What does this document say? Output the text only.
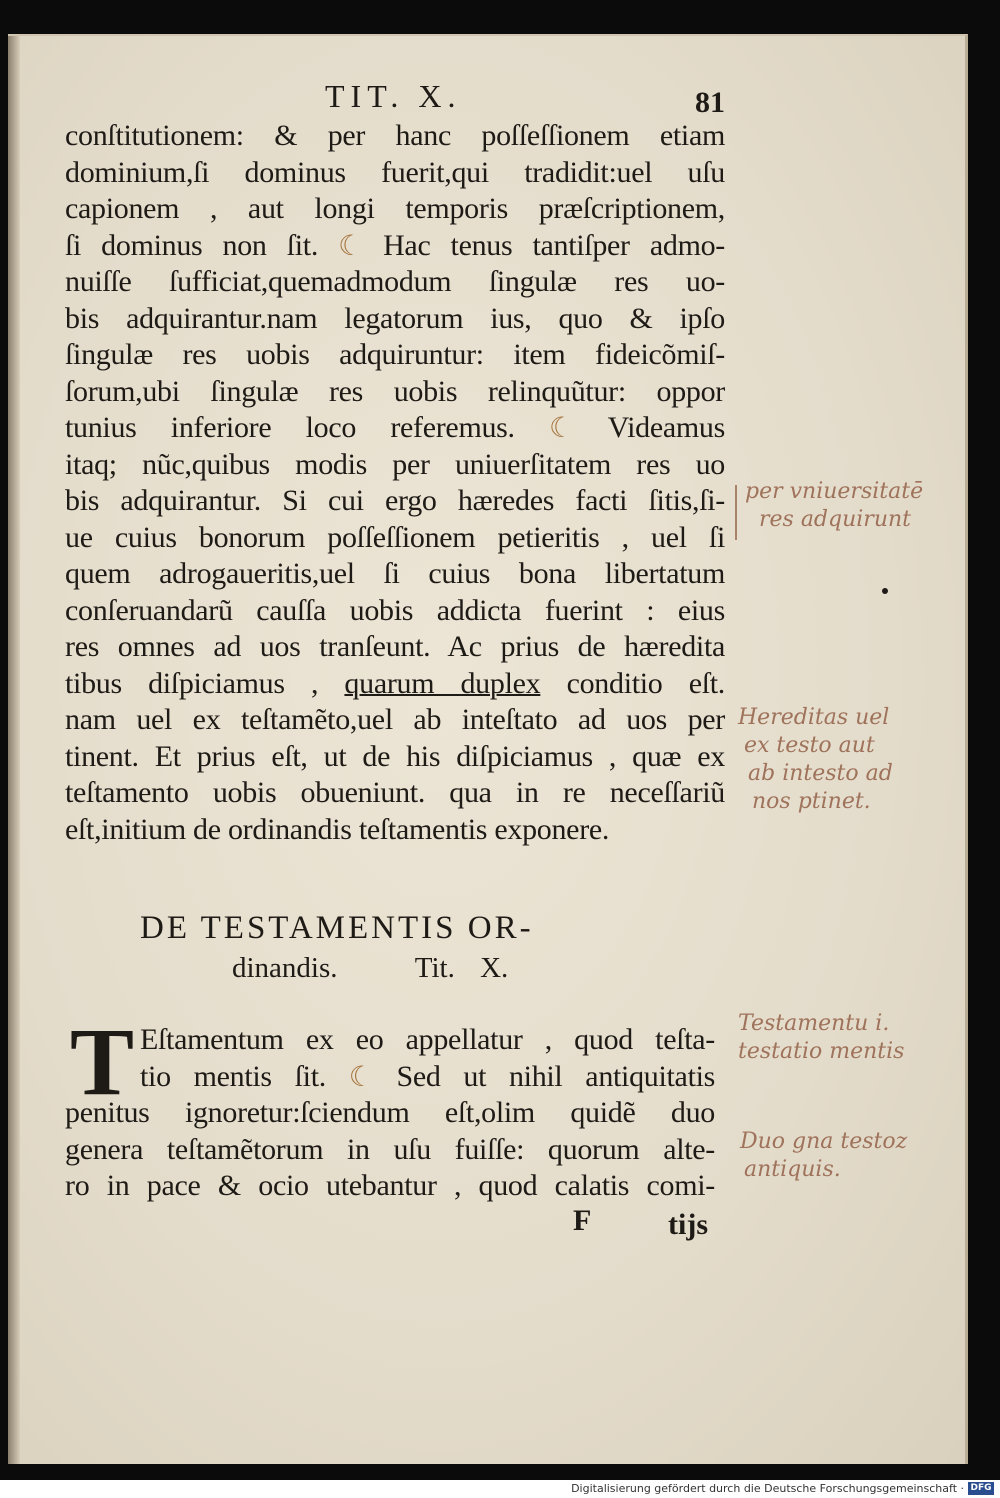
TIT. X.	81
conſtitutionem: & per hanc poſſeſſionem etiam
dominium,ſi dominus fuerit,qui tradidit:uel uſu
capionem , aut longi temporis præſcriptionem,
ſi dominus non ſit. ☾ Hac tenus tantiſper admo-
nuiſſe ſufficiat,quemadmodum ſingulæ res uo-
bis adquirantur.nam legatorum ius, quo & ipſo
ſingulæ res uobis adquiruntur: item fideicõmiſ-
ſorum,ubi ſingulæ res uobis relinquũtur: oppor
tunius inferiore loco referemus. ☾ Videamus
itaq; nũc,quibus modis per uniuerſitatem res uo
bis adquirantur. Si cui ergo hæredes facti ſitis,ſi-
ue cuius bonorum poſſeſſionem petieritis , uel ſi
quem adrogaueritis,uel ſi cuius bona libertatum
conſeruandarũ cauſſa uobis addicta fuerint : eius
res omnes ad uos tranſeunt. Ac prius de hæredita
tibus diſpiciamus , quarum duplex conditio eſt.
nam uel ex teſtamẽto,uel ab inteſtato ad uos per
tinent. Et prius eſt, ut de his diſpiciamus , quæ ex
teſtamento uobis obueniunt. qua in re neceſſariũ
eſt,initium de ordinandis teſtamentis exponere.
DE TESTAMENTIS OR-
dinandis.	Tit. X.
T Eſtamentum ex eo appellatur , quod teſta-
tio mentis ſit. ☾ Sed ut nihil antiquitatis
penitus ignoretur:ſciendum eſt,olim quidẽ duo
genera teſtamẽtorum in uſu fuiſſe: quorum alte-
ro in pace & ocio utebantur , quod calatis comi-
F	tijs
per vniuersitatē
res adquirunt
Hereditas uel
ex testo aut
ab intesto ad
nos ptinet.
Testamentu i.
testatio mentis
Duo gna testoz
antiquis.
Digitalisierung gefördert durch die Deutsche Forschungsgemeinschaft · DFG
